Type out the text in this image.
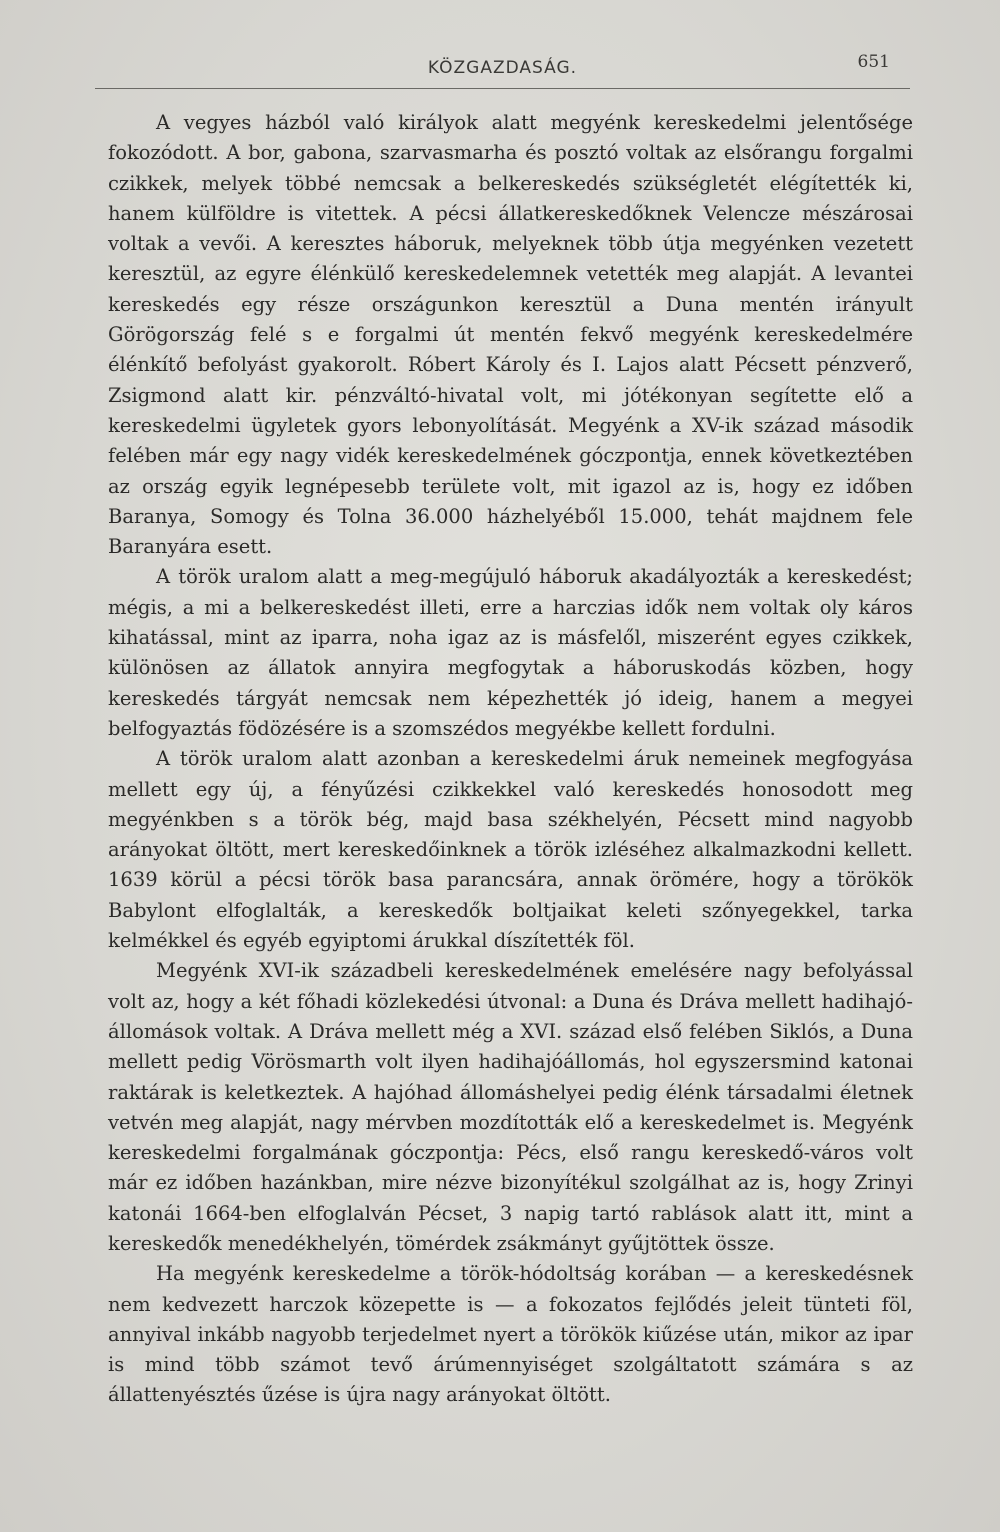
KÖZGAZDASÁG.	651

A vegyes házból való királyok alatt megyénk kereskedelmi jelentősége fokozódott. A bor, gabona, szarvasmarha és posztó voltak az elsőrangu forgalmi czikkek, melyek többé nemcsak a belkereskedés szükségletét elégítették ki, hanem külföldre is vitettek. A pécsi állatkereskedőknek Velencze mészárosai voltak a vevői. A keresztes háboruk, melyeknek több útja megyénken vezetett keresztül, az egyre élénkülő kereskedelemnek vetették meg alapját. A levantei kereskedés egy része országunkon keresztül a Duna mentén irányult Görögország felé s e forgalmi út mentén fekvő megyénk kereskedelmére élénkítő befolyást gyakorolt. Róbert Károly és I. Lajos alatt Pécsett pénzverő, Zsigmond alatt kir. pénzváltó-hivatal volt, mi jótékonyan segítette elő a kereskedelmi ügyletek gyors lebonyolítását. Megyénk a XV-ik század második felében már egy nagy vidék kereskedelmének góczpontja, ennek következtében az ország egyik legnépesebb területe volt, mit igazol az is, hogy ez időben Baranya, Somogy és Tolna 36.000 házhelyéből 15.000, tehát majdnem fele Baranyára esett.

A török uralom alatt a meg-megújuló háboruk akadályozták a kereskedést; mégis, a mi a belkereskedést illeti, erre a harczias idők nem voltak oly káros kihatással, mint az iparra, noha igaz az is másfelől, miszerént egyes czikkek, különösen az állatok annyira megfogytak a háboruskodás közben, hogy kereskedés tárgyát nemcsak nem képezhették jó ideig, hanem a megyei belfogyaztás födözésére is a szomszédos megyékbe kellett fordulni.

A török uralom alatt azonban a kereskedelmi áruk nemeinek megfogyása mellett egy új, a fényűzési czikkekkel való kereskedés honosodott meg megyénkben s a török bég, majd basa székhelyén, Pécsett mind nagyobb arányokat öltött, mert kereskedőinknek a török izléséhez alkalmazkodni kellett. 1639 körül a pécsi török basa parancsára, annak örömére, hogy a törökök Babylont elfoglalták, a kereskedők boltjaikat keleti szőnyegekkel, tarka kelmékkel és egyéb egyiptomi árukkal díszítették föl.

Megyénk XVI-ik századbeli kereskedelmének emelésére nagy befolyással volt az, hogy a két főhadi közlekedési útvonal: a Duna és Dráva mellett hadihajó-állomások voltak. A Dráva mellett még a XVI. század első felében Siklós, a Duna mellett pedig Vörösmarth volt ilyen hadihajóállomás, hol egyszersmind katonai raktárak is keletkeztek. A hajóhad állomáshelyei pedig élénk társadalmi életnek vetvén meg alapját, nagy mérvben mozdították elő a kereskedelmet is. Megyénk kereskedelmi forgalmának góczpontja: Pécs, első rangu kereskedő-város volt már ez időben hazánkban, mire nézve bizonyítékul szolgálhat az is, hogy Zrinyi katonái 1664-ben elfoglalván Pécset, 3 napig tartó rablások alatt itt, mint a kereskedők menedékhelyén, tömérdek zsákmányt gyűjtöttek össze.

Ha megyénk kereskedelme a török-hódoltság korában — a kereskedésnek nem kedvezett harczok közepette is — a fokozatos fejlődés jeleit tünteti föl, annyival inkább nagyobb terjedelmet nyert a törökök kiűzése után, mikor az ipar is mind több számot tevő árúmennyiséget szolgáltatott számára s az állattenyésztés űzése is újra nagy arányokat öltött.
